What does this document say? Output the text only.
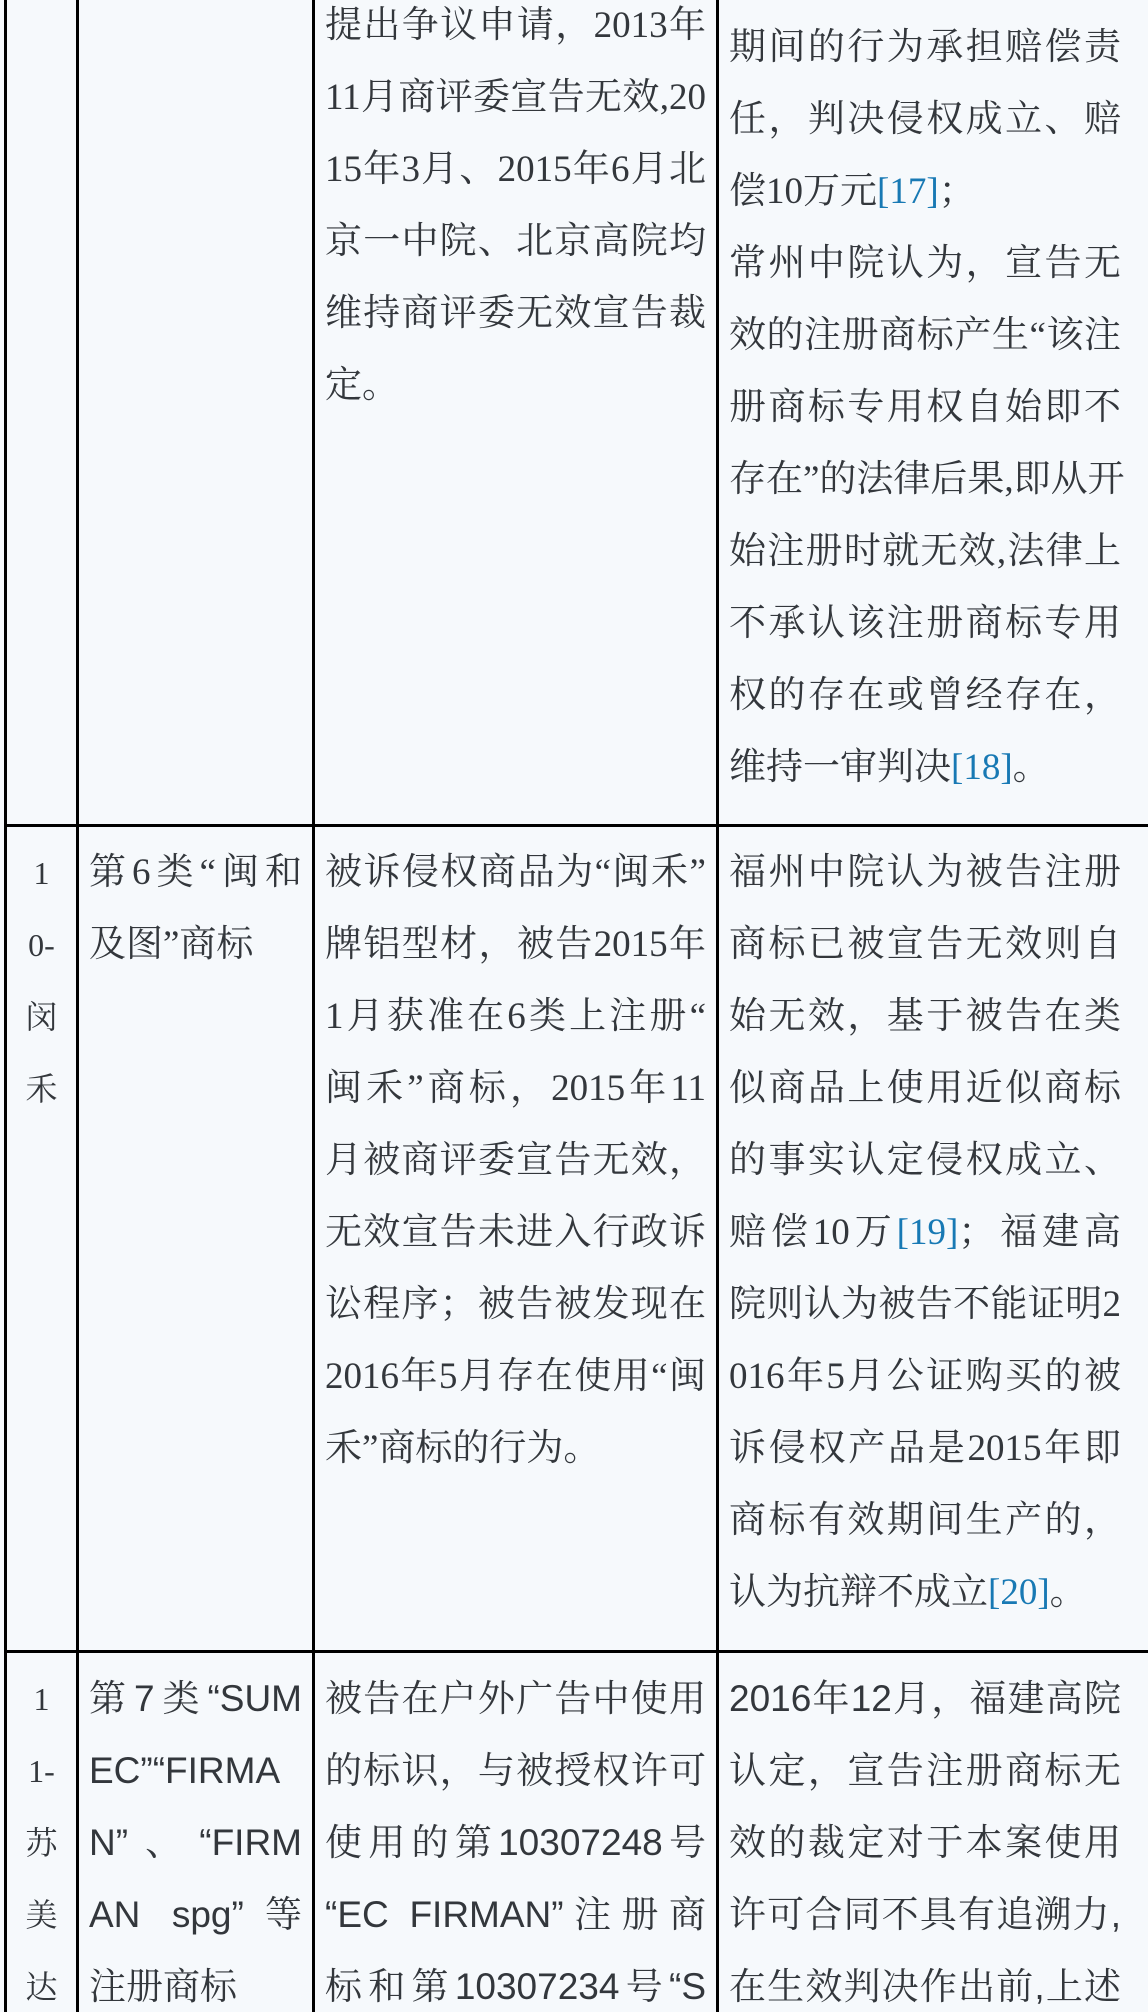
提出争议申请，2013年
11月商评委宣告无效,20
15年3月、2015年6月北
京一中院、北京高院均
维持商评委无效宣告裁
定。
期间的行为承担赔偿责
任，判决侵权成立、赔
偿10万元[17]；
常州中院认为，宣告无
效的注册商标产生“该注
册商标专用权自始即不
存在”的法律后果,即从开
始注册时就无效,法律上
不承认该注册商标专用
权的存在或曾经存在，
维持一审判决[18]。
1
0-
闵
禾
第6类“闽和
及图”商标
被诉侵权商品为“闽禾”
牌铝型材，被告2015年
1月获准在6类上注册“
闽禾”商标，2015年11
月被商评委宣告无效，
无效宣告未进入行政诉
讼程序；被告被发现在
2016年5月存在使用“闽
禾”商标的行为。
福州中院认为被告注册
商标已被宣告无效则自
始无效，基于被告在类
似商品上使用近似商标
的事实认定侵权成立、
赔偿10万[19]；福建高
院则认为被告不能证明2
016年5月公证购买的被
诉侵权产品是2015年即
商标有效期间生产的，
认为抗辩不成立[20]。
1
1-
苏
美
达
第7类“SUM
EC”“FIRMA
N”、“FIRM
AN spg”等
注册商标
被告在户外广告中使用
的标识，与被授权许可
使用的第10307248号
“EC FIRMAN”注册商
标和第10307234号“S
2016年12月，福建高院
认定，宣告注册商标无
效的裁定对于本案使用
许可合同不具有追溯力,
在生效判决作出前,上述
